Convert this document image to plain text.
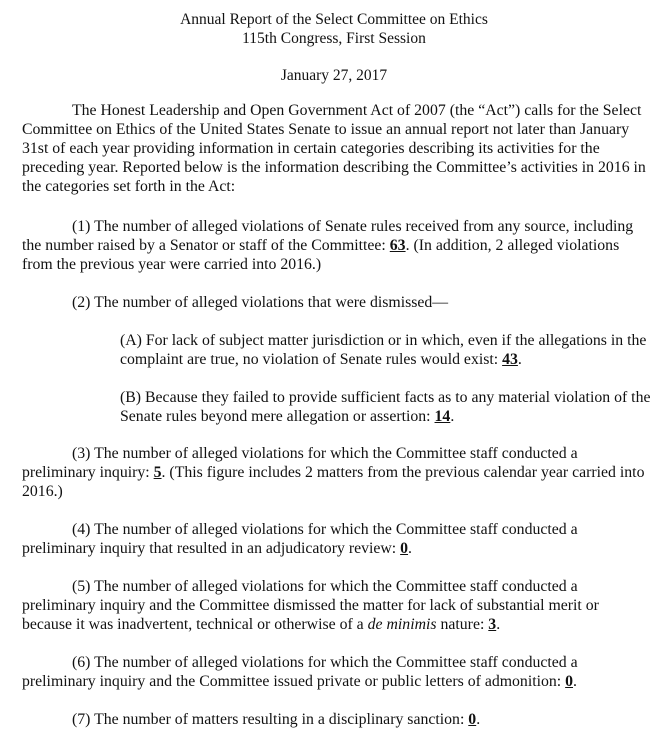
Annual Report of the Select Committee on Ethics
115th Congress, First Session
January 27, 2017
The Honest Leadership and Open Government Act of 2007 (the “Act”) calls for the Select Committee on Ethics of the United States Senate to issue an annual report not later than January 31st of each year providing information in certain categories describing its activities for the preceding year. Reported below is the information describing the Committee’s activities in 2016 in the categories set forth in the Act:
(1) The number of alleged violations of Senate rules received from any source, including the number raised by a Senator or staff of the Committee: 63. (In addition, 2 alleged violations from the previous year were carried into 2016.)
(2) The number of alleged violations that were dismissed—
(A) For lack of subject matter jurisdiction or in which, even if the allegations in the complaint are true, no violation of Senate rules would exist: 43.
(B) Because they failed to provide sufficient facts as to any material violation of the Senate rules beyond mere allegation or assertion: 14.
(3) The number of alleged violations for which the Committee staff conducted a preliminary inquiry: 5. (This figure includes 2 matters from the previous calendar year carried into 2016.)
(4) The number of alleged violations for which the Committee staff conducted a preliminary inquiry that resulted in an adjudicatory review: 0.
(5) The number of alleged violations for which the Committee staff conducted a preliminary inquiry and the Committee dismissed the matter for lack of substantial merit or because it was inadvertent, technical or otherwise of a de minimis nature: 3.
(6) The number of alleged violations for which the Committee staff conducted a preliminary inquiry and the Committee issued private or public letters of admonition: 0.
(7) The number of matters resulting in a disciplinary sanction: 0.
